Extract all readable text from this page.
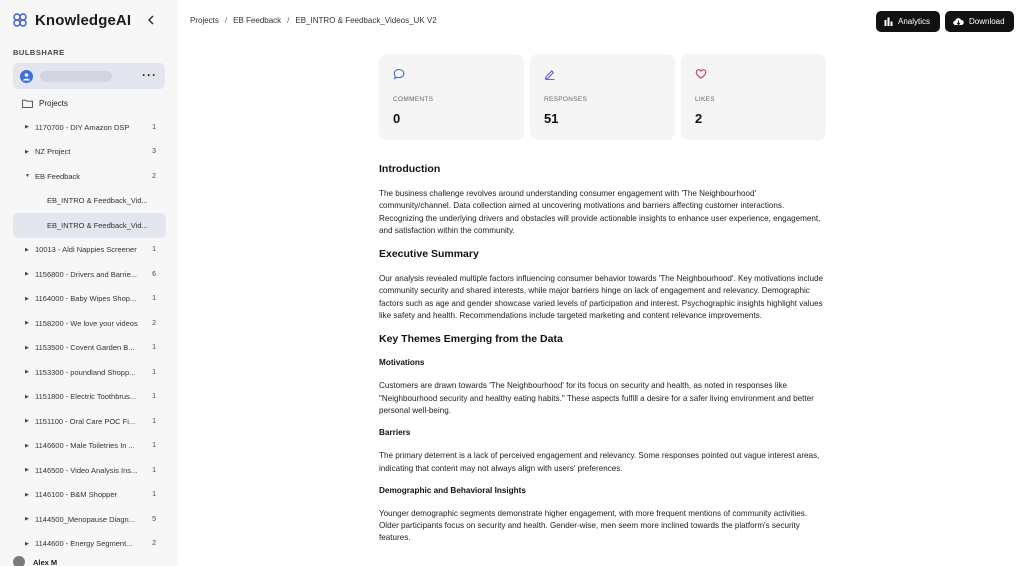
KnowledgeAI
BULBSHARE
···
Projects
▶ 1170700 - DIY Amazon DSP	1
▶ NZ Project	3
▼ EB Feedback	2
EB_INTRO & Feedback_Vid...
EB_INTRO & Feedback_Vid...
▶ 10013 - Aldi Nappies Screener	1
▶ 1156800 - Drivers and Barrie...	6
▶ 1164000 - Baby Wipes Shop...	1
▶ 1158200 - We love your videos	2
▶ 1153500 - Covent Garden B...	1
▶ 1153300 - poundland Shopp...	1
▶ 1151800 - Electric Toothbrus...	1
▶ 1151100 - Oral Care POC Fi...	1
▶ 1146600 - Male Toiletries In ...	1
▶ 1146500 - Video Analysis Ins...	1
▶ 1146100 - B&M Shopper	1
▶ 1144500_Menopause Diagn...	5
▶ 1144600 - Energy Segment...	2
Alex M
Projects / EB Feedback / EB_INTRO & Feedback_Videos_UK V2	Analytics	Download
COMMENTS
0
RESPONSES
51
LIKES
2
Introduction

The business challenge revolves around understanding consumer engagement with 'The Neighbourhood' community/channel. Data collection aimed at uncovering motivations and barriers affecting customer interactions. Recognizing the underlying drivers and obstacles will provide actionable insights to enhance user experience, engagement, and satisfaction within the community.

Executive Summary

Our analysis revealed multiple factors influencing consumer behavior towards 'The Neighbourhood'. Key motivations include community security and shared interests, while major barriers hinge on lack of engagement and relevancy. Demographic factors such as age and gender showcase varied levels of participation and interest. Psychographic insights highlight values like safety and health. Recommendations include targeted marketing and content relevance improvements.

Key Themes Emerging from the Data
Motivations

Customers are drawn towards 'The Neighbourhood' for its focus on security and health, as noted in responses like "Neighbourhood security and healthy eating habits." These aspects fulfill a desire for a safer living environment and better personal well-being.

Barriers

The primary deterrent is a lack of perceived engagement and relevancy. Some responses pointed out vague interest areas, indicating that content may not always align with users' preferences.

Demographic and Behavioral Insights

Younger demographic segments demonstrate higher engagement, with more frequent mentions of community activities. Older participants focus on security and health. Gender-wise, men seem more inclined towards the platform's security features.
